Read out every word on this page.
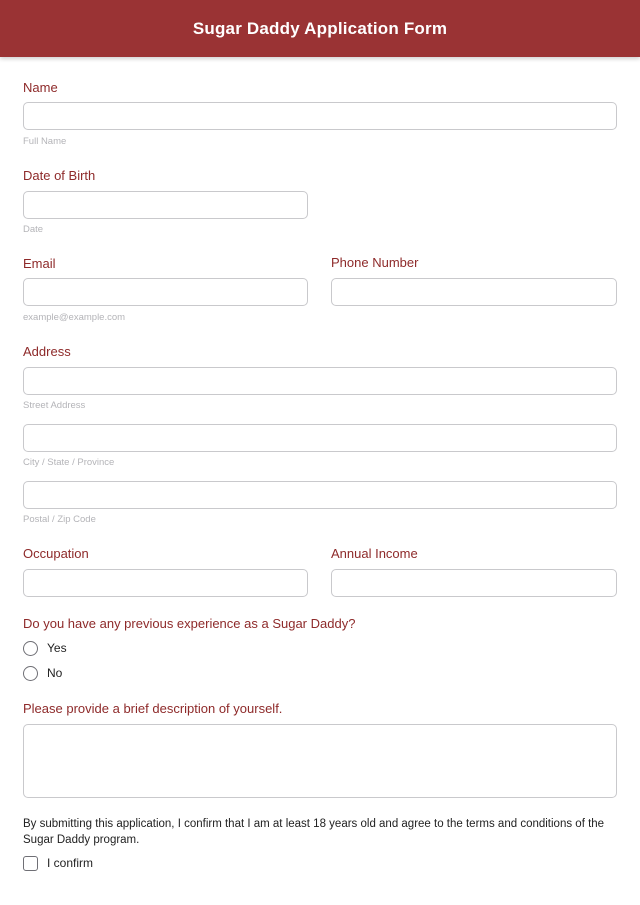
Sugar Daddy Application Form
Name
Full Name
Date of Birth
Date
Email
example@example.com
Phone Number
Address
Street Address
City / State / Province
Postal / Zip Code
Occupation	Annual Income
Do you have any previous experience as a Sugar Daddy?
Yes
No
Please provide a brief description of yourself.

By submitting this application, I confirm that I am at least 18 years old and agree to the terms and conditions of the Sugar Daddy program.

I confirm
